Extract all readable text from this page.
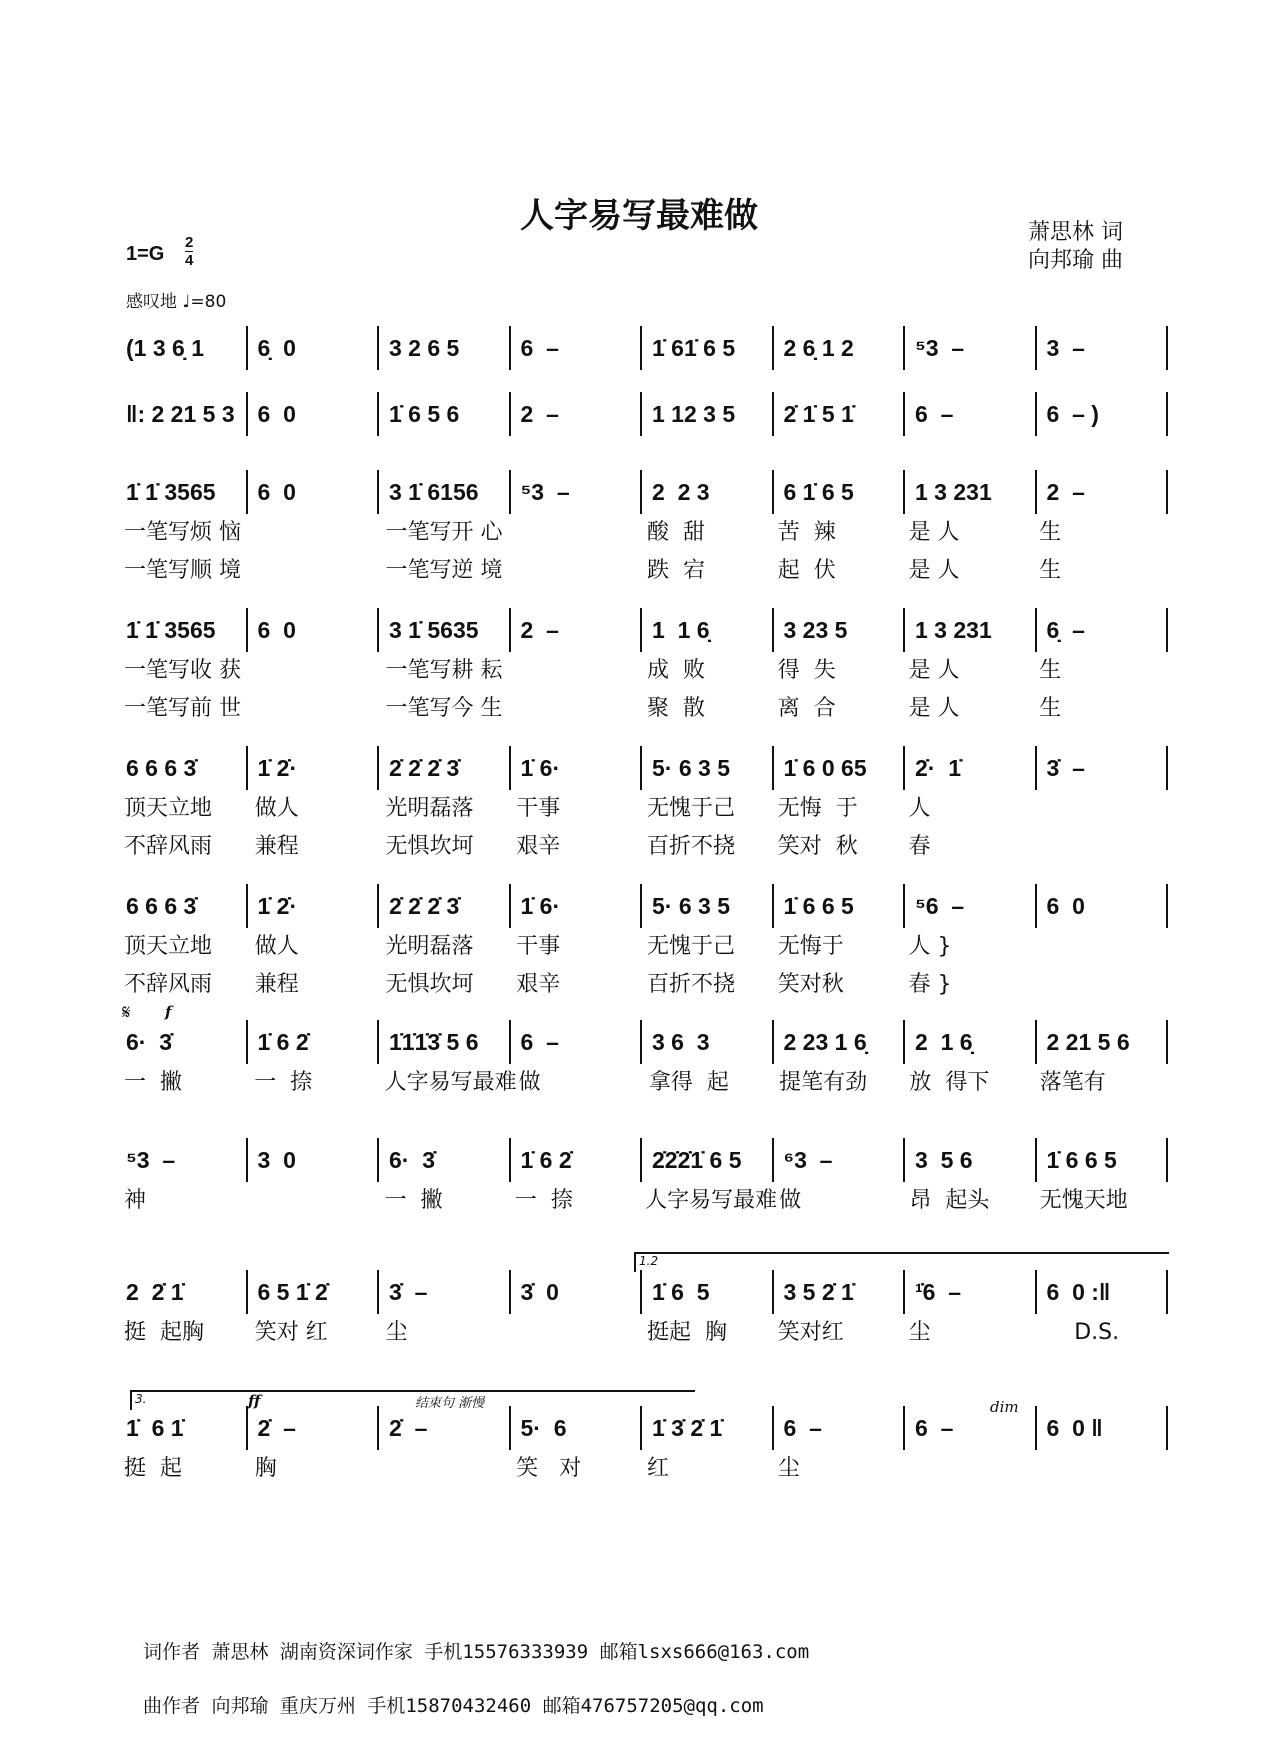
人字易写最难做	萧思林 词
向邦瑜 曲
1=G
2
4
感叹地 ♩=80
(1 3 6̣ 1	6̣  0	3 2 6 5	6  –	1̇ 61̇ 6 5	2 6̣ 1 2	⁵3  –	3  –
‖: 2 21 5 3 6  0	1̇ 6 5 6	2  –	1 12 3 5	2̇ 1̇ 5 1̇	6  –	6  – )
1̇ 1̇ 3565	6  0	3 1̇ 6156	⁵3  –	2  2 3	6 1̇ 6 5	1 3 231	2  –
一笔写烦 恼	一笔写开 心	酸  甜	苦  辣	是 人	生
一笔写顺 境	一笔写逆 境	跌  宕	起  伏	是 人	生
1̇ 1̇ 3565	6  0	3 1̇ 5635	2  –	1  1 6̣	3 23 5	1 3 231	6̣  –
一笔写收 获	一笔写耕 耘	成  败	得  失	是 人	生
一笔写前 世	一笔写今 生	聚  散	离  合	是 人	生
6 6 6 3̇	1̇ 2̇·	2̇ 2̇ 2̇ 3̇	1̇ 6·	5· 6 3 5	1̇ 6 0 65	2̇·  1̇	3̇  –
顶天立地	做人	光明磊落	干事	无愧于己	无悔  于	人
不辞风雨	兼程	无惧坎坷	艰辛	百折不挠	笑对  秋	春
6 6 6 3̇	1̇ 2̇·	2̇ 2̇ 2̇ 3̇	1̇ 6·	5· 6 3 5	1̇ 6 6 5	⁵6  –	6  0
顶天立地	做人	光明磊落	干事	无愧于己	无悔于	人 }
不辞风雨	兼程	无惧坎坷	艰辛	百折不挠	笑对秋	春 }
6·  3̇	1̇ 6 2̇	1̇1̇1̇3̇ 5 6	6  –	3 6  3	2 23 1 6̣	2  1 6̣	2 21 5 6
一  撇	一  捺	人字易写最难 做	拿得  起	提笔有劲	放  得下	落笔有
⁵3  –	3  0	6·  3̇	1̇ 6 2̇	2̇2̇2̇1̇ 6 5	⁶3  –	3  5 6	1̇ 6 6 5
神	一  撇	一  捺	人字易写最难 做	昂  起头	无愧天地
2  2̇ 1̇	6 5 1̇ 2̇	3̇  –	3̇  0	1̇ 6  5	3 5 2̇ 1̇	¹̇6  –	6  0 :‖
挺  起胸	笑对 红	尘	挺起  胸	笑对红	尘	D.S.
1̇  6 1̇	2̇  –	2̇  –	5·  6	1̇ 3̇ 2̇ 1̇	6  –	6  –	6  0 ‖
挺  起	胸	笑   对	红	尘
𝄋 f
1.2
3.	ff	结束句 渐慢	dim
词作者 萧思林 湖南资深词作家 手机15576333939 邮箱lsxs666@163.com
曲作者 向邦瑜 重庆万州 手机15870432460 邮箱476757205@qq.com
